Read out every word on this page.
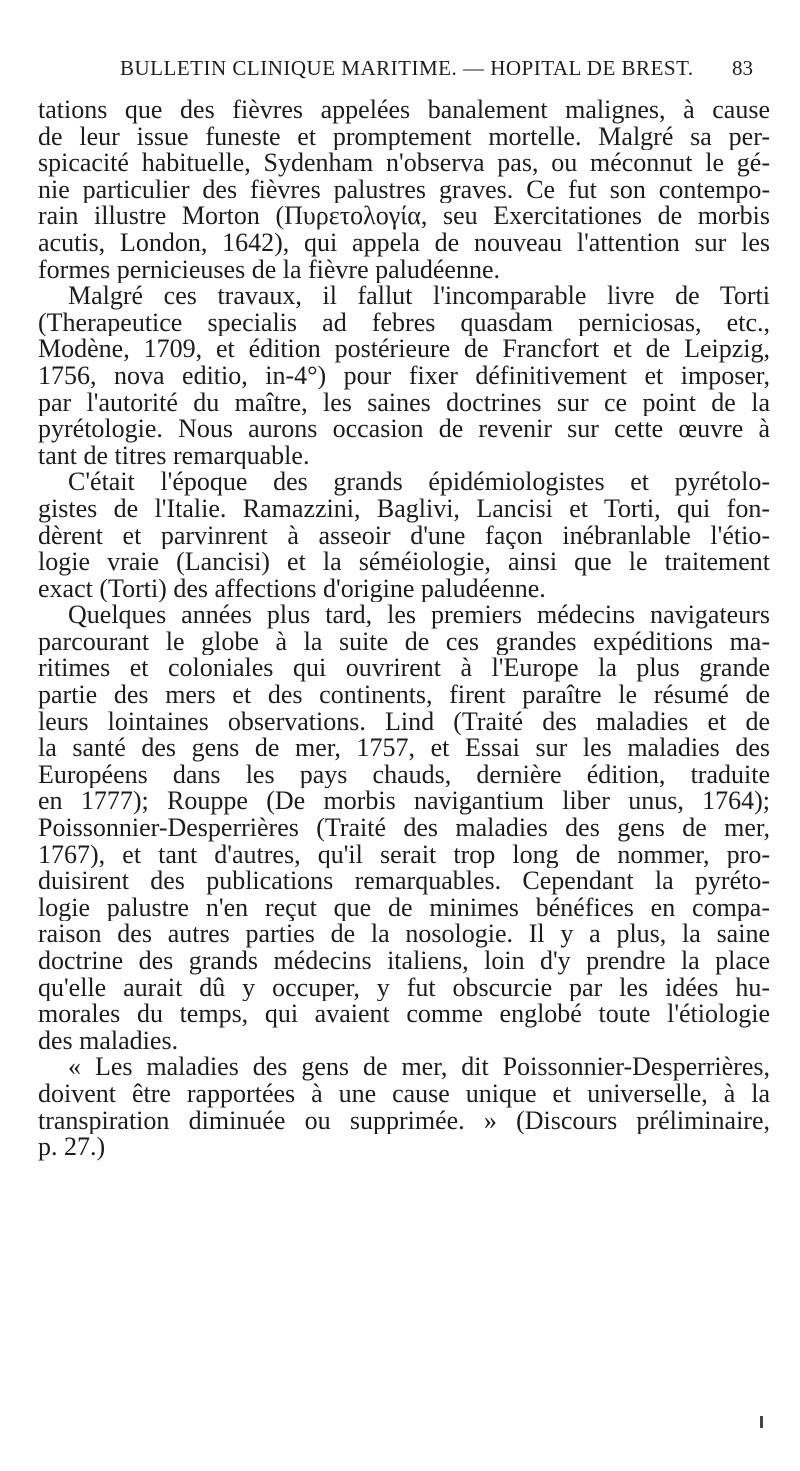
BULLETIN CLINIQUE MARITIME. — HOPITAL DE BREST. 83
tations que des fièvres appelées banalement malignes, à cause
de leur issue funeste et promptement mortelle. Malgré sa per-
spicacité habituelle, Sydenham n'observa pas, ou méconnut le gé-
nie particulier des fièvres palustres graves. Ce fut son contempo-
rain illustre Morton (Πυρετολογία, seu Exercitationes de morbis
acutis, London, 1642), qui appela de nouveau l'attention sur les
formes pernicieuses de la fièvre paludéenne.
Malgré ces travaux, il fallut l'incomparable livre de Torti
(Therapeutice specialis ad febres quasdam perniciosas, etc.,
Modène, 1709, et édition postérieure de Francfort et de Leipzig,
1756, nova editio, in-4°) pour fixer définitivement et imposer,
par l'autorité du maître, les saines doctrines sur ce point de la
pyrétologie. Nous aurons occasion de revenir sur cette œuvre à
tant de titres remarquable.
C'était l'époque des grands épidémiologistes et pyrétolo-
gistes de l'Italie. Ramazzini, Baglivi, Lancisi et Torti, qui fon-
dèrent et parvinrent à asseoir d'une façon inébranlable l'étio-
logie vraie (Lancisi) et la séméiologie, ainsi que le traitement
exact (Torti) des affections d'origine paludéenne.
Quelques années plus tard, les premiers médecins navigateurs
parcourant le globe à la suite de ces grandes expéditions ma-
ritimes et coloniales qui ouvrirent à l'Europe la plus grande
partie des mers et des continents, firent paraître le résumé de
leurs lointaines observations. Lind (Traité des maladies et de
la santé des gens de mer, 1757, et Essai sur les maladies des
Européens dans les pays chauds, dernière édition, traduite
en 1777); Rouppe (De morbis navigantium liber unus, 1764);
Poissonnier-Desperrières (Traité des maladies des gens de mer,
1767), et tant d'autres, qu'il serait trop long de nommer, pro-
duisirent des publications remarquables. Cependant la pyréto-
logie palustre n'en reçut que de minimes bénéfices en compa-
raison des autres parties de la nosologie. Il y a plus, la saine
doctrine des grands médecins italiens, loin d'y prendre la place
qu'elle aurait dû y occuper, y fut obscurcie par les idées hu-
morales du temps, qui avaient comme englobé toute l'étiologie
des maladies.
« Les maladies des gens de mer, dit Poissonnier-Desperrières,
doivent être rapportées à une cause unique et universelle, à la
transpiration diminuée ou supprimée. » (Discours préliminaire,
p. 27.)
